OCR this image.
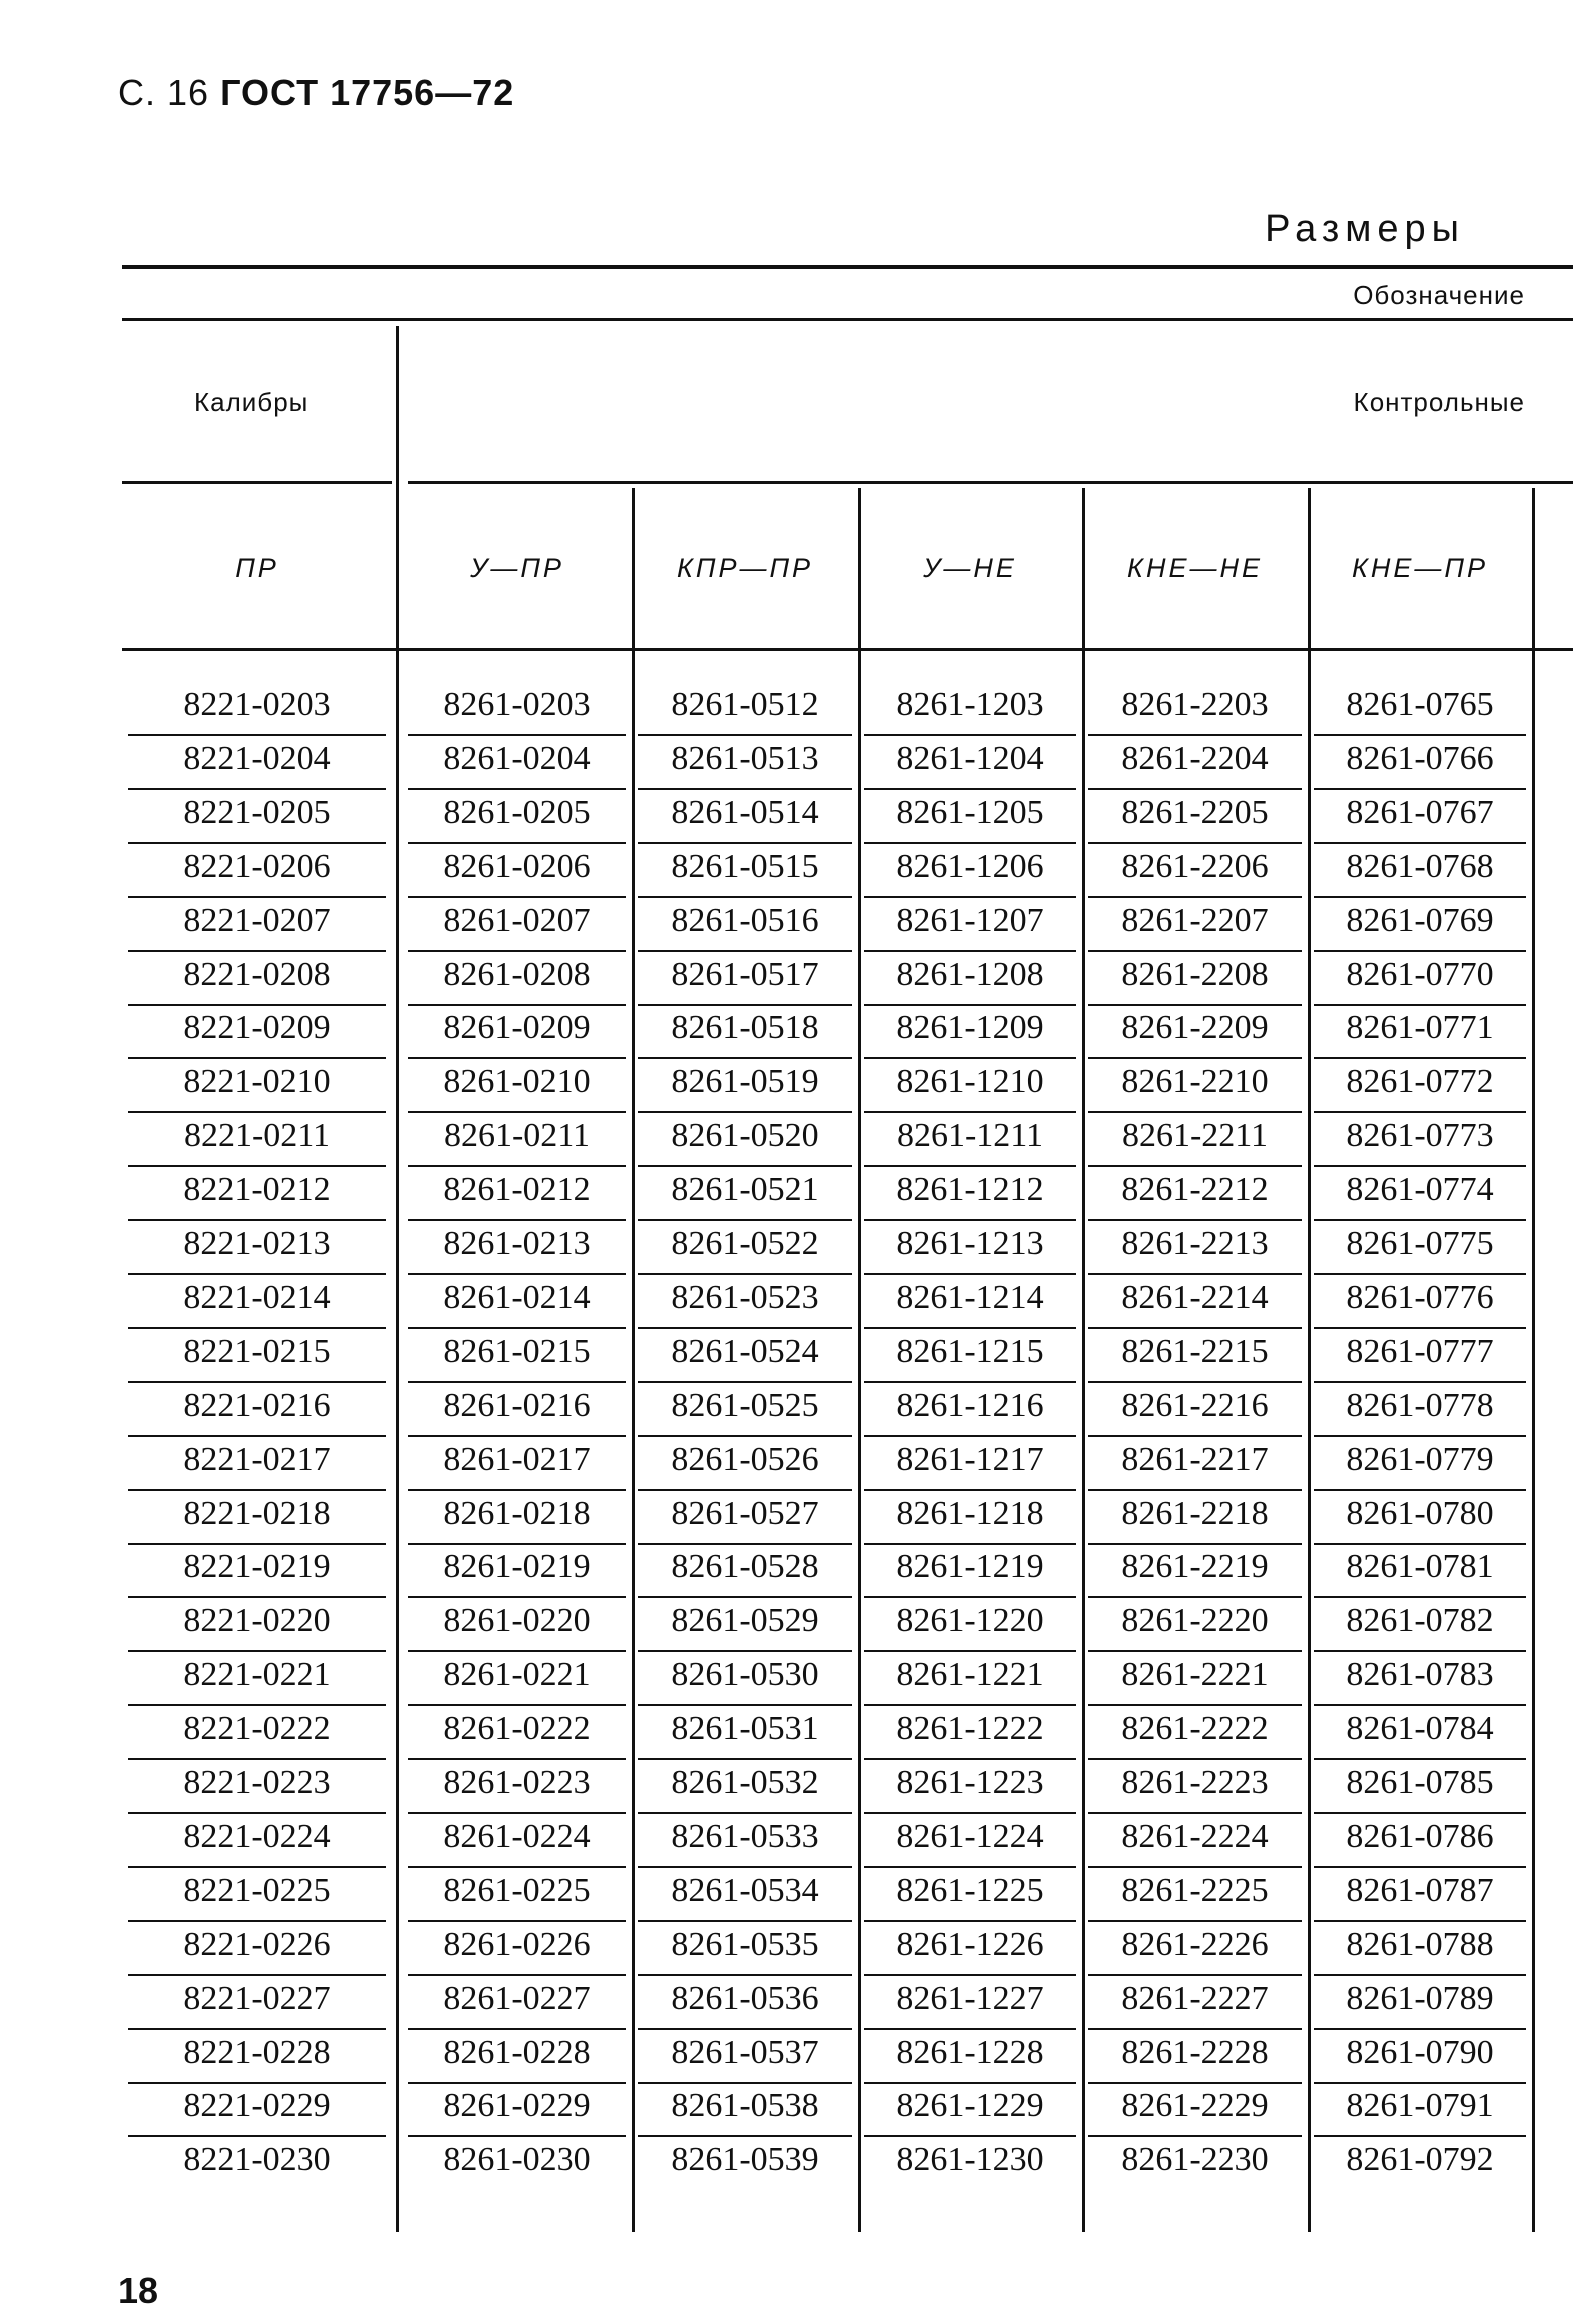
С. 16 ГОСТ 17756—72
Размеры
Обозначение
Калибры	Контрольные
ПР	У—ПР	КПР—ПР	У—НЕ	КНЕ—НЕ	КНЕ—ПР
8221-0203	8261-0203	8261-0512	8261-1203	8261-2203	8261-0765
8221-0204	8261-0204	8261-0513	8261-1204	8261-2204	8261-0766
8221-0205	8261-0205	8261-0514	8261-1205	8261-2205	8261-0767
8221-0206	8261-0206	8261-0515	8261-1206	8261-2206	8261-0768
8221-0207	8261-0207	8261-0516	8261-1207	8261-2207	8261-0769
8221-0208	8261-0208	8261-0517	8261-1208	8261-2208	8261-0770
8221-0209	8261-0209	8261-0518	8261-1209	8261-2209	8261-0771
8221-0210	8261-0210	8261-0519	8261-1210	8261-2210	8261-0772
8221-0211	8261-0211	8261-0520	8261-1211	8261-2211	8261-0773
8221-0212	8261-0212	8261-0521	8261-1212	8261-2212	8261-0774
8221-0213	8261-0213	8261-0522	8261-1213	8261-2213	8261-0775
8221-0214	8261-0214	8261-0523	8261-1214	8261-2214	8261-0776
8221-0215	8261-0215	8261-0524	8261-1215	8261-2215	8261-0777
8221-0216	8261-0216	8261-0525	8261-1216	8261-2216	8261-0778
8221-0217	8261-0217	8261-0526	8261-1217	8261-2217	8261-0779
8221-0218	8261-0218	8261-0527	8261-1218	8261-2218	8261-0780
8221-0219	8261-0219	8261-0528	8261-1219	8261-2219	8261-0781
8221-0220	8261-0220	8261-0529	8261-1220	8261-2220	8261-0782
8221-0221	8261-0221	8261-0530	8261-1221	8261-2221	8261-0783
8221-0222	8261-0222	8261-0531	8261-1222	8261-2222	8261-0784
8221-0223	8261-0223	8261-0532	8261-1223	8261-2223	8261-0785
8221-0224	8261-0224	8261-0533	8261-1224	8261-2224	8261-0786
8221-0225	8261-0225	8261-0534	8261-1225	8261-2225	8261-0787
8221-0226	8261-0226	8261-0535	8261-1226	8261-2226	8261-0788
8221-0227	8261-0227	8261-0536	8261-1227	8261-2227	8261-0789
8221-0228	8261-0228	8261-0537	8261-1228	8261-2228	8261-0790
8221-0229	8261-0229	8261-0538	8261-1229	8261-2229	8261-0791
8221-0230	8261-0230	8261-0539	8261-1230	8261-2230	8261-0792
18
